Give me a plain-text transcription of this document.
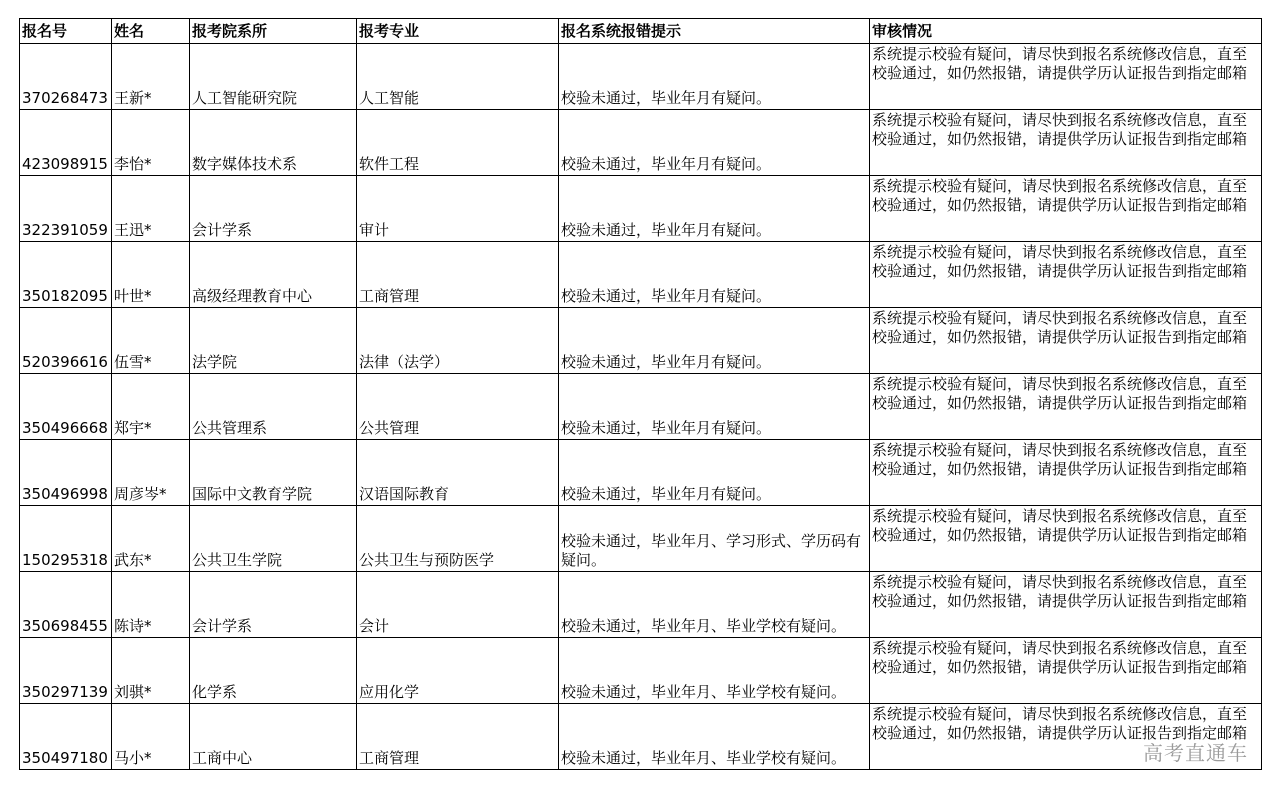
报名号	姓名	报考院系所	报考专业	报名系统报错提示	审核情况
370268473	王新*	人工智能研究院	人工智能	校验未通过，毕业年月有疑问。	系统提示校验有疑问，请尽快到报名系统修改信息，直至校验通过，如仍然报错，请提供学历认证报告到指定邮箱
423098915	李怡*	数字媒体技术系	软件工程	校验未通过，毕业年月有疑问。	系统提示校验有疑问，请尽快到报名系统修改信息，直至校验通过，如仍然报错，请提供学历认证报告到指定邮箱
322391059	王迅*	会计学系	审计	校验未通过，毕业年月有疑问。	系统提示校验有疑问，请尽快到报名系统修改信息，直至校验通过，如仍然报错，请提供学历认证报告到指定邮箱
350182095	叶世*	高级经理教育中心	工商管理	校验未通过，毕业年月有疑问。	系统提示校验有疑问，请尽快到报名系统修改信息，直至校验通过，如仍然报错，请提供学历认证报告到指定邮箱
520396616	伍雪*	法学院	法律（法学）	校验未通过，毕业年月有疑问。	系统提示校验有疑问，请尽快到报名系统修改信息，直至校验通过，如仍然报错，请提供学历认证报告到指定邮箱
350496668	郑宇*	公共管理系	公共管理	校验未通过，毕业年月有疑问。	系统提示校验有疑问，请尽快到报名系统修改信息，直至校验通过，如仍然报错，请提供学历认证报告到指定邮箱
350496998	周彦岑*	国际中文教育学院	汉语国际教育	校验未通过，毕业年月有疑问。	系统提示校验有疑问，请尽快到报名系统修改信息，直至校验通过，如仍然报错，请提供学历认证报告到指定邮箱
150295318	武东*	公共卫生学院	公共卫生与预防医学	校验未通过，毕业年月、学习形式、学历码有疑问。	系统提示校验有疑问，请尽快到报名系统修改信息，直至校验通过，如仍然报错，请提供学历认证报告到指定邮箱
350698455	陈诗*	会计学系	会计	校验未通过，毕业年月、毕业学校有疑问。	系统提示校验有疑问，请尽快到报名系统修改信息，直至校验通过，如仍然报错，请提供学历认证报告到指定邮箱
350297139	刘骐*	化学系	应用化学	校验未通过，毕业年月、毕业学校有疑问。	系统提示校验有疑问，请尽快到报名系统修改信息，直至校验通过，如仍然报错，请提供学历认证报告到指定邮箱
350497180	马小*	工商中心	工商管理	校验未通过，毕业年月、毕业学校有疑问。	系统提示校验有疑问，请尽快到报名系统修改信息，直至校验通过，如仍然报错，请提供学历认证报告到指定邮箱
高考直通车
